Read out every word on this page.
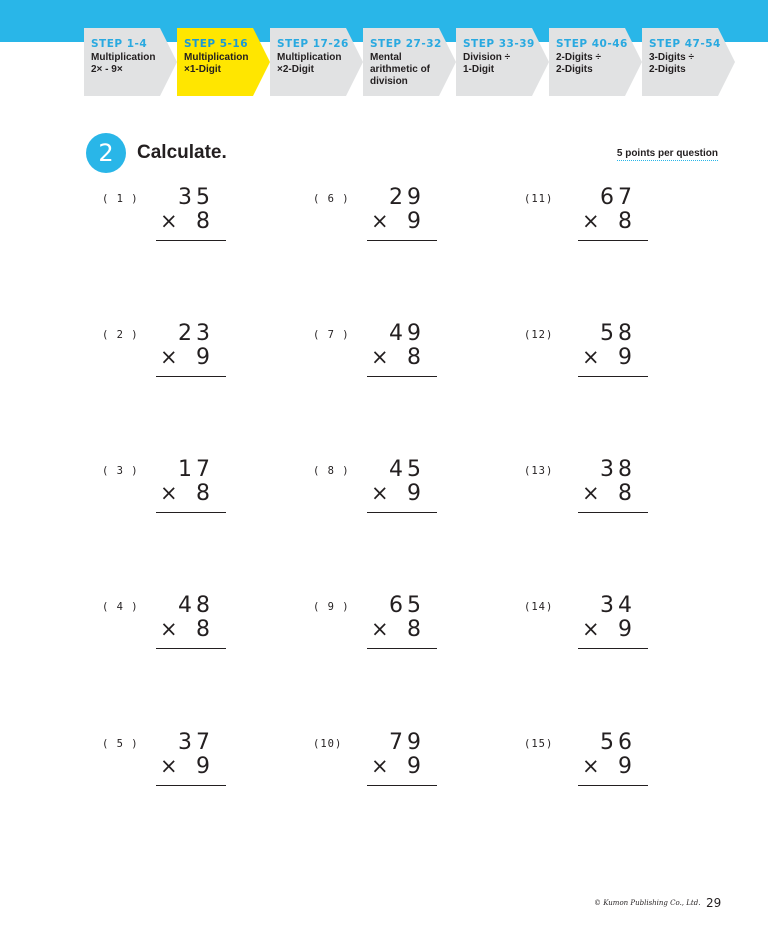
STEP 1-4
Multiplication
2× - 9×
STEP 5-16
Multiplication
×1-Digit
STEP 17-26
Multiplication
×2-Digit
STEP 27-32
Mental
arithmetic of
division
STEP 33-39
Division ÷
1-Digit
STEP 40-46
2-Digits ÷
2-Digits
STEP 47-54
3-Digits ÷
2-Digits
2	Calculate.	5 points per question
( 1 )	35
× 8
( 2 )	23
× 9
( 3 )	17
× 8
( 4 )	48
× 8
( 5 )	37
× 9
( 6 )	29
× 9
( 7 )	49
× 8
( 8 )	45
× 9
( 9 )	65
× 8
(10)	79
× 9
(11)	67
× 8
(12)	58
× 9
(13)	38
× 8
(14)	34
× 9
(15)	56
× 9
© Kumon Publishing Co., Ltd. 29
